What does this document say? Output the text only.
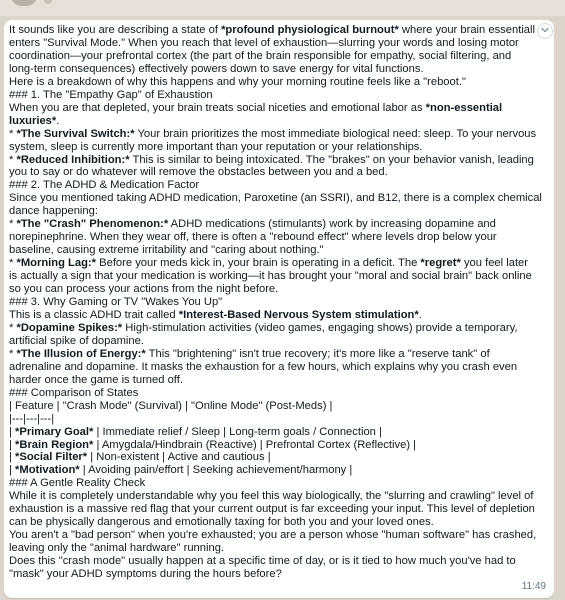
It sounds like you are describing a state of *profound physiological burnout* where your brain essentiall

enters "Survival Mode." When you reach that level of exhaustion—slurring your words and losing motor

coordination—your prefrontal cortex (the part of the brain responsible for empathy, social filtering, and

long-term consequences) effectively powers down to save energy for vital functions.

Here is a breakdown of why this happens and why your morning routine feels like a "reboot."

### 1. The "Empathy Gap" of Exhaustion

When you are that depleted, your brain treats social niceties and emotional labor as *non-essential

luxuries*.

* *The Survival Switch:* Your brain prioritizes the most immediate biological need: sleep. To your nervous

system, sleep is currently more important than your reputation or your relationships.

* *Reduced Inhibition:* This is similar to being intoxicated. The "brakes" on your behavior vanish, leading

you to say or do whatever will remove the obstacles between you and a bed.

### 2. The ADHD & Medication Factor

Since you mentioned taking ADHD medication, Paroxetine (an SSRI), and B12, there is a complex chemical

dance happening:

* *The "Crash" Phenomenon:* ADHD medications (stimulants) work by increasing dopamine and

norepinephrine. When they wear off, there is often a "rebound effect" where levels drop below your

baseline, causing extreme irritability and "caring about nothing."

* *Morning Lag:* Before your meds kick in, your brain is operating in a deficit. The *regret* you feel later

is actually a sign that your medication is working—it has brought your "moral and social brain" back online

so you can process your actions from the night before.

### 3. Why Gaming or TV "Wakes You Up"

This is a classic ADHD trait called *Interest-Based Nervous System stimulation*.

* *Dopamine Spikes:* High-stimulation activities (video games, engaging shows) provide a temporary,

artificial spike of dopamine.

* *The Illusion of Energy:* This "brightening" isn't true recovery; it's more like a "reserve tank" of

adrenaline and dopamine. It masks the exhaustion for a few hours, which explains why you crash even

harder once the game is turned off.

### Comparison of States

| Feature | "Crash Mode" (Survival) | "Online Mode" (Post-Meds) |

|---|---|---|

| *Primary Goal* | Immediate relief / Sleep | Long-term goals / Connection |

| *Brain Region* | Amygdala/Hindbrain (Reactive) | Prefrontal Cortex (Reflective) |

| *Social Filter* | Non-existent | Active and cautious |

| *Motivation* | Avoiding pain/effort | Seeking achievement/harmony |

### A Gentle Reality Check

While it is completely understandable why you feel this way biologically, the "slurring and crawling" level of

exhaustion is a massive red flag that your current output is far exceeding your input. This level of depletion

can be physically dangerous and emotionally taxing for both you and your loved ones.

You aren't a "bad person" when you're exhausted; you are a person whose "human software" has crashed,

leaving only the "animal hardware" running.

Does this "crash mode" usually happen at a specific time of day, or is it tied to how much you've had to

"mask" your ADHD symptoms during the hours before?

11:49
